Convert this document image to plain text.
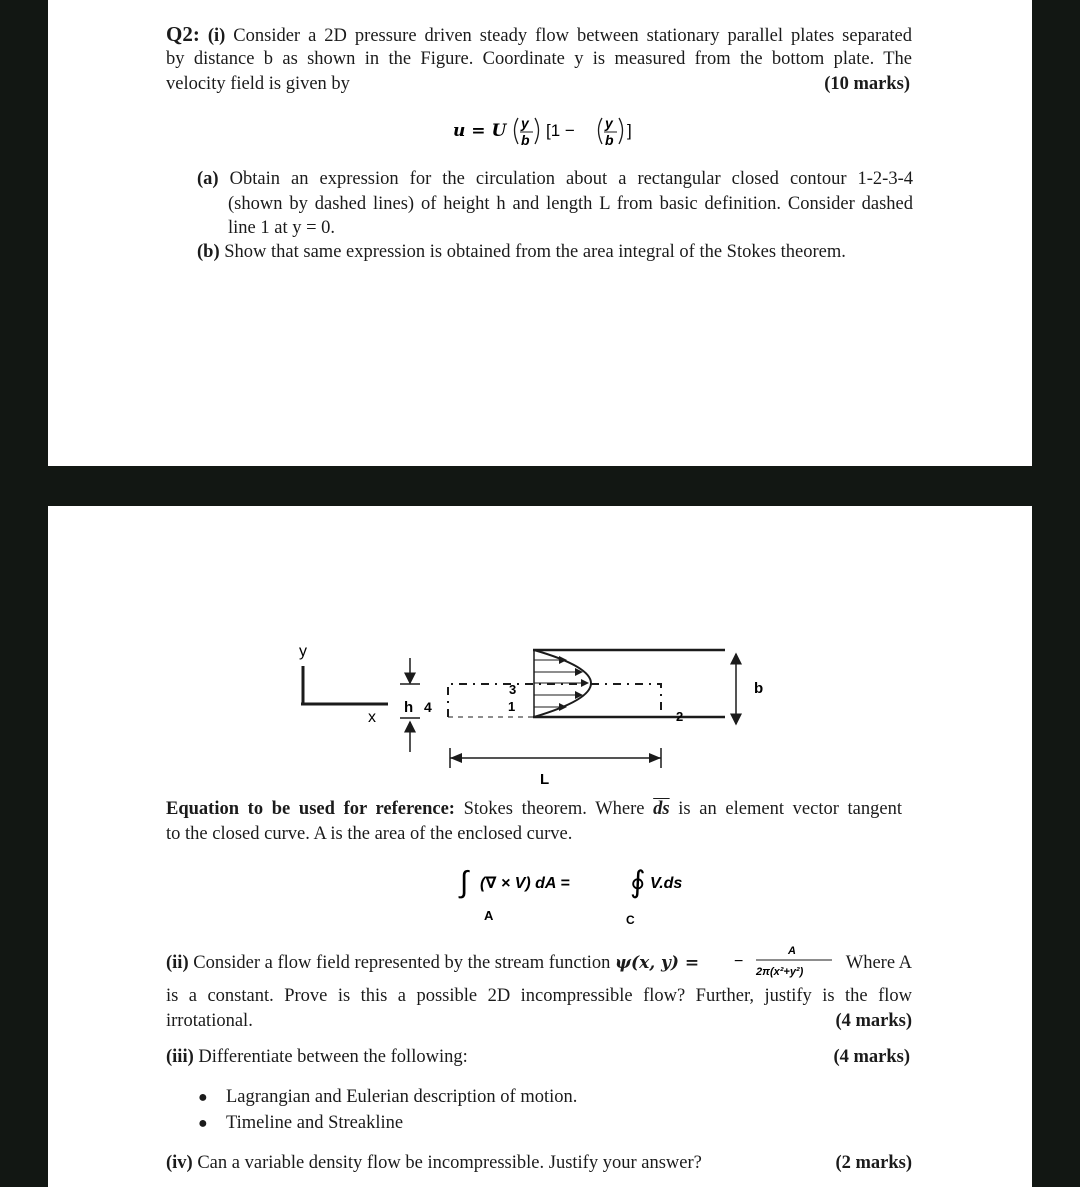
Q2: (i) Consider a 2D pressure driven steady flow between stationary parallel plates separated
by distance b as shown in the Figure. Coordinate y is measured from the bottom plate. The
velocity field is given by	(10 marks)
u = U y
b [1 − y
b ]
(a) Obtain an expression for the circulation about a rectangular closed contour 1-2-3-4
(shown by dashed lines) of height h and length L from basic definition. Consider dashed
line 1 at y = 0.
(b) Show that same expression is obtained from the area integral of the Stokes theorem.
y
x
4	1
2
3
h
b
L
Equation to be used for reference: Stokes theorem. Where $\overline{ds}$ is an element vector tangent
to the closed curve. A is the area of the enclosed curve.
∫ (∇ × V) dA = ∮ V.ds
A	C
(ii) Consider a flow field represented by the stream function ψ(x, y) = −
A
2π(x²+y²) Where A
is a constant. Prove is this a possible 2D incompressible flow? Further, justify is the flow
irrotational.	(4 marks)
(iii) Differentiate between the following:	(4 marks)
● Lagrangian and Eulerian description of motion.
● Timeline and Streakline
(iv) Can a variable density flow be incompressible. Justify your answer?	(2 marks)
